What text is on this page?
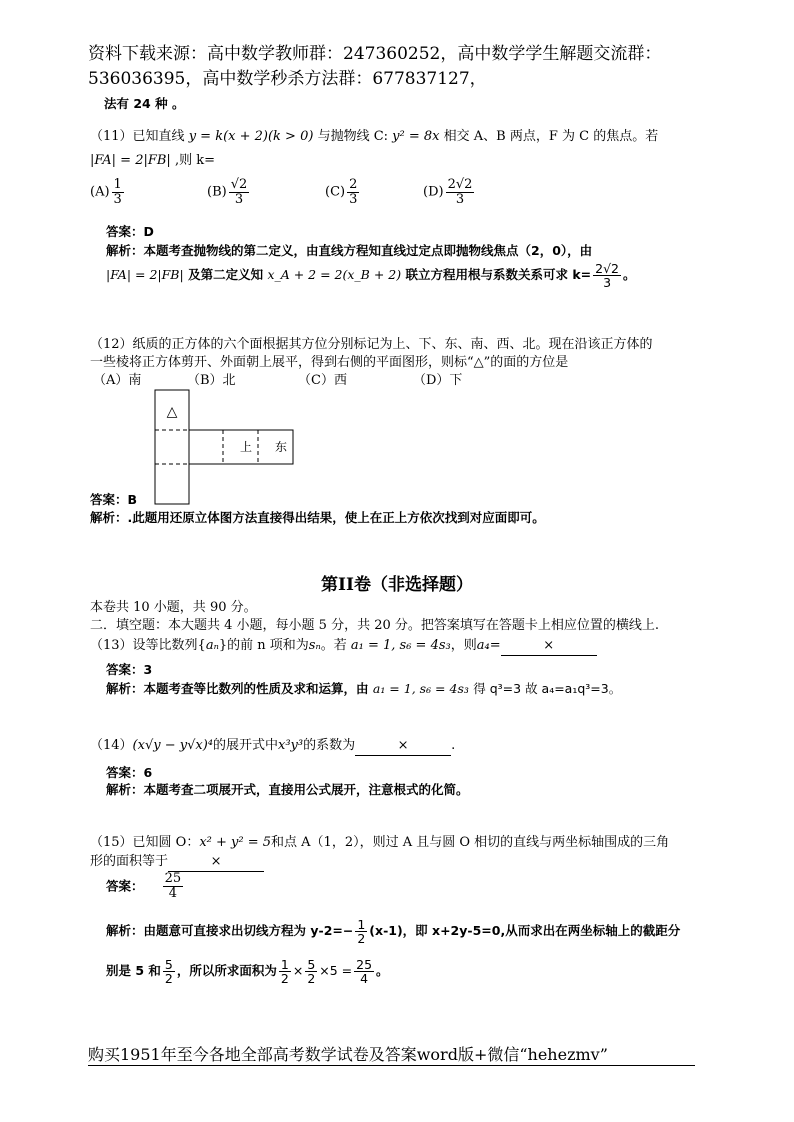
资料下载来源：高中数学教师群：247360252，高中数学学生解题交流群：
536036395，高中数学秒杀方法群：677837127，
法有 24 种 。
（11）已知直线 y = k(x + 2)(k > 0) 与抛物线 C: y² = 8x 相交 A、B 两点，F 为 C 的焦点。若
|FA| = 2|FB| ,则 k=
$(A) \frac{1}{3}$	$(B) \frac{√2}{3}$	$(C) \frac{2}{3}$	$(D) \frac{2√2}{3}$
答案：D
解析：本题考查抛物线的第二定义，由直线方程知直线过定点即抛物线焦点（2，0），由
|FA| = 2|FB| 及第二定义知 x_A + 2 = 2(x_B + 2) 联立方程用根与系数关系可求 $k= \frac{2√2}{3}$ 。
（12）纸质的正方体的六个面根据其方位分别标记为上、下、东、南、西、北。现在沿该正方体的
一些棱将正方体剪开、外面朝上展平，得到右侧的平面图形，则标“△”的面的方位是
（A）南	（B）北	（C）西	（D）下
△
上 东
答案：B
解析：.此题用还原立体图方法直接得出结果，使上在正上方依次找到对应面即可。
第II卷（非选择题）
本卷共 10 小题，共 90 分。
二．填空题：本大题共 4 小题，每小题 5 分，共 20 分。把答案填写在答题卡上相应位置的横线上.
（13）设等比数列{aₙ}的前 n 项和为sₙ。若 a₁ = 1, s₆ = 4s₃，则a₄=	×
答案：3
解析：本题考查等比数列的性质及求和运算，由 a₁ = 1, s₆ = 4s₃ 得 q³=3 故 a₄=a₁q³=3。
（14）(x√y − y√x)⁴的展开式中x³y³的系数为	×	.
答案：6
解析：本题考查二项展开式，直接用公式展开，注意根式的化简。
（15）已知圆 O：x² + y² = 5和点 A（1，2），则过 A 且与圆 O 相切的直线与两坐标轴围成的三角
形的面积等于	×
答案： $\frac{25}{4}$
解析：由题意可直接求出切线方程为 $y-2=- \frac{1}{2} (x-1)$，即 x+2y-5=0,从而求出在两坐标轴上的截距分
别是 5 和 $\frac{5}{2}$ ，所以所求面积为 $\frac{1}{2} \times \frac{5}{2} \times 5 = \frac{25}{4}$ 。
购买1951年至今各地全部高考数学试卷及答案word版+微信“hehezmv”
